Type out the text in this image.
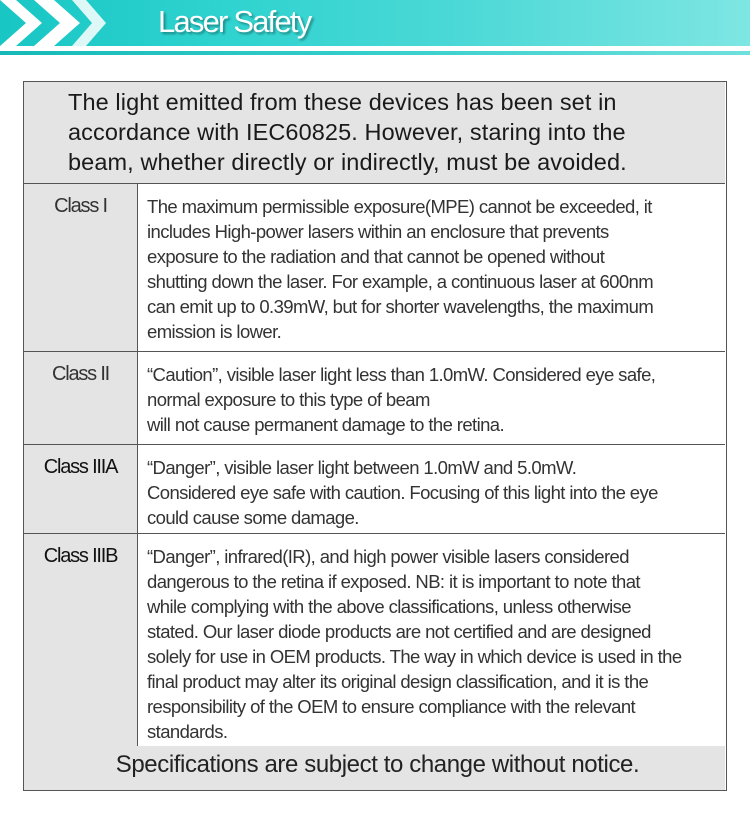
Laser Safety
The light emitted from these devices has been set in
accordance with IEC60825. However, staring into the
beam, whether directly or indirectly, must be avoided.
Class I	The maximum permissible exposure(MPE) cannot be exceeded, it
includes High-power lasers within an enclosure that prevents
exposure to the radiation and that cannot be opened without
shutting down the laser. For example, a continuous laser at 600nm
can emit up to 0.39mW, but for shorter wavelengths, the maximum
emission is lower.
Class II	“Caution”, visible laser light less than 1.0mW. Considered eye safe,
normal exposure to this type of beam
will not cause permanent damage to the retina.
Class IIIA	“Danger”, visible laser light between 1.0mW and 5.0mW.
Considered eye safe with caution. Focusing of this light into the eye
could cause some damage.
Class IIIB	“Danger”, infrared(IR), and high power visible lasers considered
dangerous to the retina if exposed. NB: it is important to note that
while complying with the above classifications, unless otherwise
stated. Our laser diode products are not certified and are designed
solely for use in OEM products. The way in which device is used in the
final product may alter its original design classification, and it is the
responsibility of the OEM to ensure compliance with the relevant
standards.
Specifications are subject to change without notice.
